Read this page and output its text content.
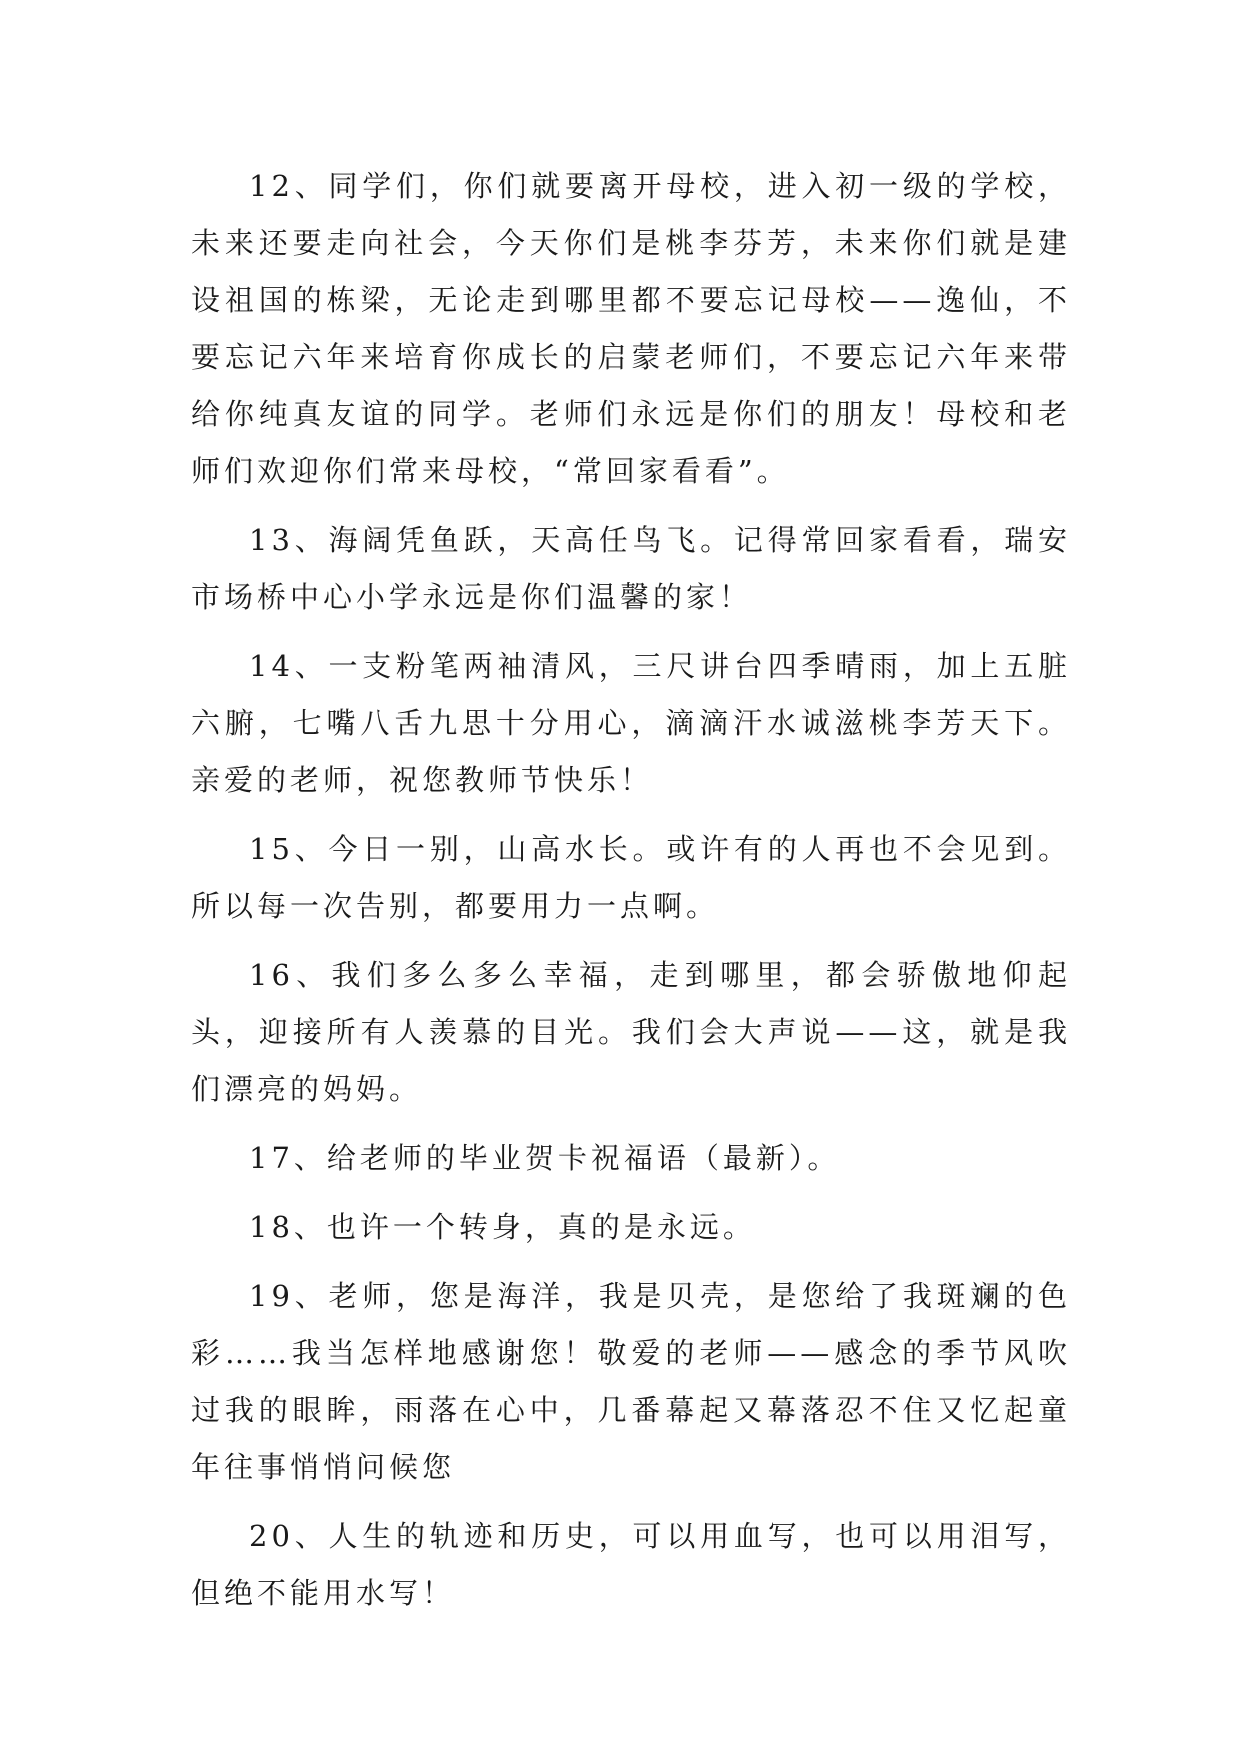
12、同学们，你们就要离开母校，进入初一级的学校，未来还要走向社会，今天你们是桃李芬芳，未来你们就是建设祖国的栋梁，无论走到哪里都不要忘记母校——逸仙，不要忘记六年来培育你成长的启蒙老师们，不要忘记六年来带给你纯真友谊的同学。老师们永远是你们的朋友！母校和老师们欢迎你们常来母校，“常回家看看”。

13、海阔凭鱼跃，天高任鸟飞。记得常回家看看，瑞安市场桥中心小学永远是你们温馨的家！

14、一支粉笔两袖清风，三尺讲台四季晴雨，加上五脏六腑，七嘴八舌九思十分用心，滴滴汗水诚滋桃李芳天下。亲爱的老师，祝您教师节快乐！

15、今日一别，山高水长。或许有的人再也不会见到。所以每一次告别，都要用力一点啊。

16、我们多么多么幸福，走到哪里，都会骄傲地仰起头，迎接所有人羡慕的目光。我们会大声说——这，就是我们漂亮的妈妈。

17、给老师的毕业贺卡祝福语（最新）。

18、也许一个转身，真的是永远。

19、老师，您是海洋，我是贝壳，是您给了我斑斓的色彩……我当怎样地感谢您！敬爱的老师——感念的季节风吹过我的眼眸，雨落在心中，几番幕起又幕落忍不住又忆起童年往事悄悄问候您

20、人生的轨迹和历史，可以用血写，也可以用泪写，但绝不能用水写！
